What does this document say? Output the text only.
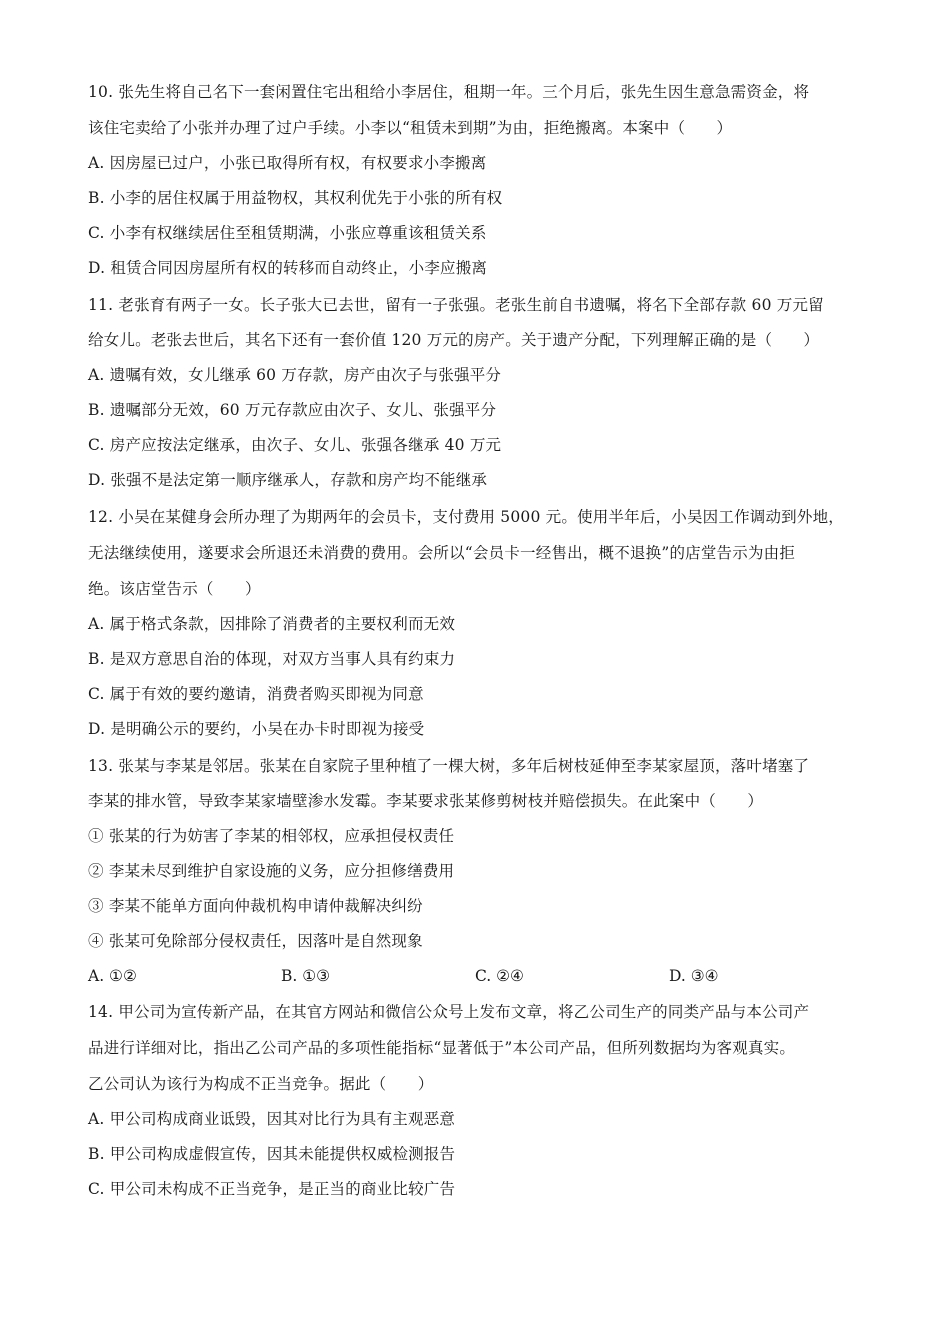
10. 张先生将自己名下一套闲置住宅出租给小李居住，租期一年。三个月后，张先生因生意急需资金，将
该住宅卖给了小张并办理了过户手续。小李以“租赁未到期”为由，拒绝搬离。本案中（　　）
A. 因房屋已过户，小张已取得所有权，有权要求小李搬离
B. 小李的居住权属于用益物权，其权利优先于小张的所有权
C. 小李有权继续居住至租赁期满，小张应尊重该租赁关系
D. 租赁合同因房屋所有权的转移而自动终止，小李应搬离
11. 老张育有两子一女。长子张大已去世，留有一子张强。老张生前自书遗嘱，将名下全部存款 60 万元留
给女儿。老张去世后，其名下还有一套价值 120 万元的房产。关于遗产分配，下列理解正确的是（　　）
A. 遗嘱有效，女儿继承 60 万存款，房产由次子与张强平分
B. 遗嘱部分无效，60 万元存款应由次子、女儿、张强平分
C. 房产应按法定继承，由次子、女儿、张强各继承 40 万元
D. 张强不是法定第一顺序继承人，存款和房产均不能继承
12. 小吴在某健身会所办理了为期两年的会员卡，支付费用 5000 元。使用半年后，小吴因工作调动到外地，
无法继续使用，遂要求会所退还未消费的费用。会所以“会员卡一经售出，概不退换”的店堂告示为由拒
绝。该店堂告示（　　）
A. 属于格式条款，因排除了消费者的主要权利而无效
B. 是双方意思自治的体现，对双方当事人具有约束力
C. 属于有效的要约邀请，消费者购买即视为同意
D. 是明确公示的要约，小吴在办卡时即视为接受
13. 张某与李某是邻居。张某在自家院子里种植了一棵大树，多年后树枝延伸至李某家屋顶，落叶堵塞了
李某的排水管，导致李某家墙壁渗水发霉。李某要求张某修剪树枝并赔偿损失。在此案中（　　）
① 张某的行为妨害了李某的相邻权，应承担侵权责任
② 李某未尽到维护自家设施的义务，应分担修缮费用
③ 李某不能单方面向仲裁机构申请仲裁解决纠纷
④ 张某可免除部分侵权责任，因落叶是自然现象
A. ①②	B. ①③	C. ②④	D. ③④
14. 甲公司为宣传新产品，在其官方网站和微信公众号上发布文章，将乙公司生产的同类产品与本公司产
品进行详细对比，指出乙公司产品的多项性能指标“显著低于”本公司产品，但所列数据均为客观真实。
乙公司认为该行为构成不正当竞争。据此（　　）
A. 甲公司构成商业诋毁，因其对比行为具有主观恶意
B. 甲公司构成虚假宣传，因其未能提供权威检测报告
C. 甲公司未构成不正当竞争，是正当的商业比较广告
